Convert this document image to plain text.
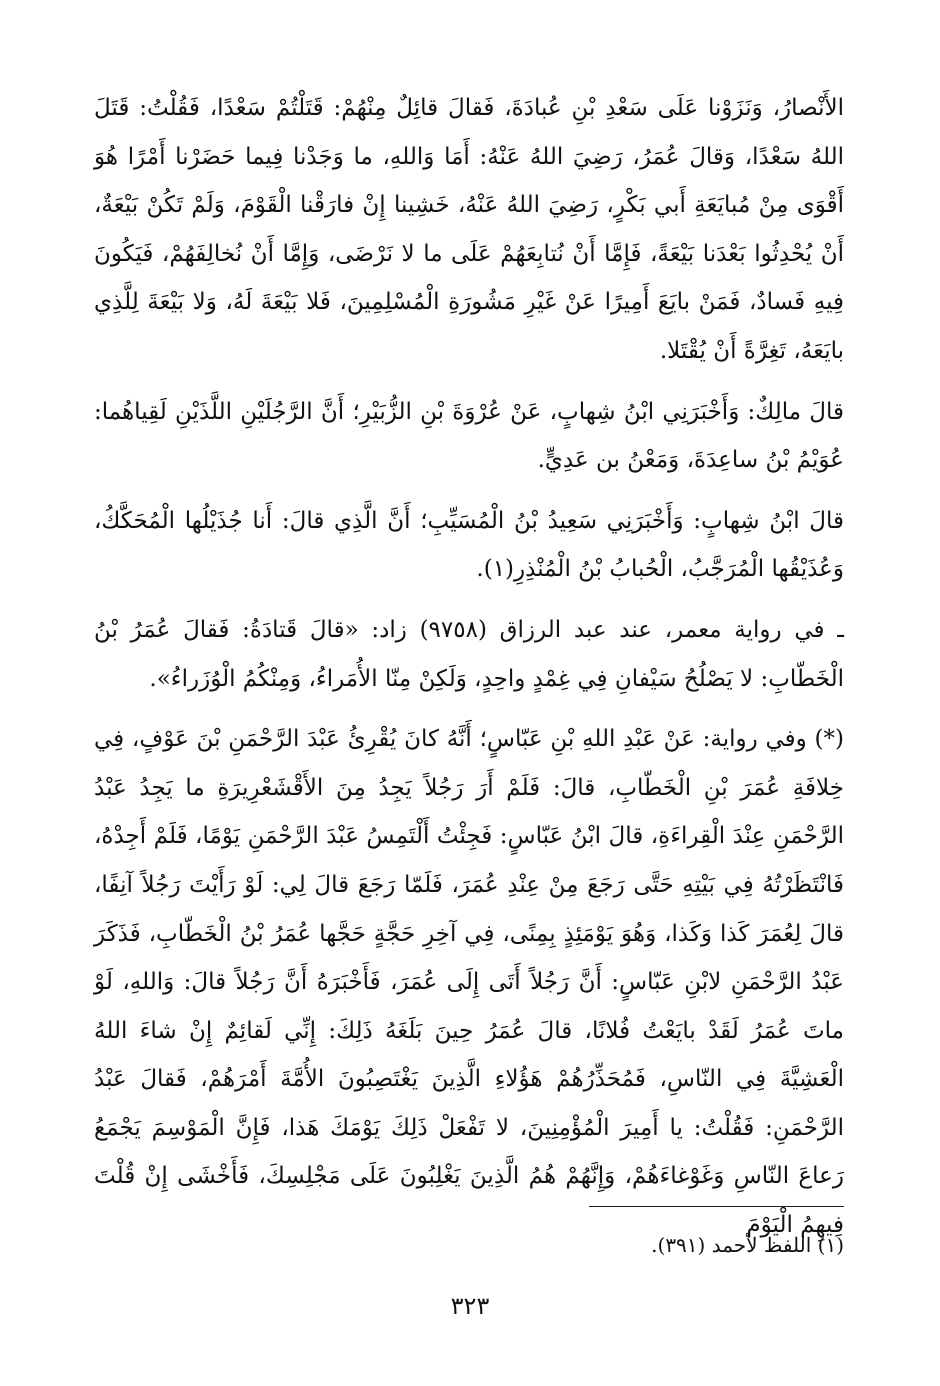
الأَنْصارُ، وَنَزَوْنا عَلَى سَعْدِ بْنِ عُبادَةَ، فَقالَ قائِلٌ مِنْهُمْ: قَتَلْتُمْ سَعْدًا، فَقُلْتُ: قَتَلَ اللهُ سَعْدًا، وَقالَ عُمَرُ، رَضِيَ اللهُ عَنْهُ: أَمَا وَاللهِ، ما وَجَدْنا فِيما حَضَرْنا أَمْرًا هُوَ أَقْوَى مِنْ مُبايَعَةِ أَبي بَكْرٍ، رَضِيَ اللهُ عَنْهُ، خَشِينا إِنْ فارَقْنا الْقَوْمَ، وَلَمْ تَكُنْ بَيْعَةٌ، أَنْ يُحْدِثُوا بَعْدَنا بَيْعَةً، فَإِمَّا أَنْ نُتابِعَهُمْ عَلَى ما لا نَرْضَى، وَإِمَّا أَنْ نُخالِفَهُمْ، فَيَكُونَ فِيهِ فَسادٌ، فَمَنْ بايَعَ أَمِيرًا عَنْ غَيْرِ مَشُورَةِ الْمُسْلِمِينَ، فَلا بَيْعَةَ لَهُ، وَلا بَيْعَةَ لِلَّذِي بايَعَهُ، تَغِرَّةً أَنْ يُقْتَلا.

قالَ مالِكٌ: وَأَخْبَرَنِي ابْنُ شِهابٍ، عَنْ عُرْوَةَ بْنِ الزُّبَيْرِ؛ أَنَّ الرَّجُلَيْنِ اللَّذَيْنِ لَقِياهُما: عُوَيْمُ بْنُ ساعِدَةَ، وَمَعْنُ بن عَدِيٍّ.

قالَ ابْنُ شِهابٍ: وَأَخْبَرَنِي سَعِيدُ بْنُ الْمُسَيِّبِ؛ أَنَّ الَّذِي قالَ: أَنا جُذَيْلُها الْمُحَكَّكُ، وَعُذَيْقُها الْمُرَجَّبُ، الْحُبابُ بْنُ الْمُنْذِرِ(١).

ـ في رواية معمر، عند عبد الرزاق (٩٧٥٨) زاد: «قالَ قَتادَةُ: فَقالَ عُمَرُ بْنُ الْخَطّابِ: لا يَصْلُحُ سَيْفانِ فِي غِمْدٍ واحِدٍ، وَلَكِنْ مِنّا الأُمَراءُ، وَمِنْكُمُ الْوُزَراءُ».

(*) وفي رواية: عَنْ عَبْدِ اللهِ بْنِ عَبّاسٍ؛ أَنَّهُ كانَ يُقْرِئُ عَبْدَ الرَّحْمَنِ بْنَ عَوْفٍ، فِي خِلافَةِ عُمَرَ بْنِ الْخَطّابِ، قالَ: فَلَمْ أَرَ رَجُلاً يَجِدُ مِنَ الأَقْشَعْرِيرَةِ ما يَجِدُ عَبْدُ الرَّحْمَنِ عِنْدَ الْقِراءَةِ، قالَ ابْنُ عَبّاسٍ: فَجِئْتُ أَلْتَمِسُ عَبْدَ الرَّحْمَنِ يَوْمًا، فَلَمْ أَجِدْهُ، فَانْتَظَرْتُهُ فِي بَيْتِهِ حَتَّى رَجَعَ مِنْ عِنْدِ عُمَرَ، فَلَمّا رَجَعَ قالَ لِي: لَوْ رَأَيْتَ رَجُلاً آنِفًا، قالَ لِعُمَرَ كَذا وَكَذا، وَهُوَ يَوْمَئِذٍ بِمِنًى، فِي آخِرِ حَجَّةٍ حَجَّها عُمَرُ بْنُ الْخَطّابِ، فَذَكَرَ عَبْدُ الرَّحْمَنِ لابْنِ عَبّاسٍ: أَنَّ رَجُلاً أَتَى إِلَى عُمَرَ، فَأَخْبَرَهُ أَنَّ رَجُلاً قالَ: وَاللهِ، لَوْ ماتَ عُمَرُ لَقَدْ بايَعْتُ فُلانًا، قالَ عُمَرُ حِينَ بَلَغَهُ ذَلِكَ: إِنِّي لَقائِمٌ إِنْ شاءَ اللهُ الْعَشِيَّةَ فِي النّاسِ، فَمُحَذِّرُهُمْ هَؤُلاءِ الَّذِينَ يَغْتَصِبُونَ الأُمَّةَ أَمْرَهُمْ، فَقالَ عَبْدُ الرَّحْمَنِ: فَقُلْتُ: يا أَمِيرَ الْمُؤْمِنِينَ، لا تَفْعَلْ ذَلِكَ يَوْمَكَ هَذا، فَإِنَّ الْمَوْسِمَ يَجْمَعُ رَعاعَ النّاسِ وَغَوْغاءَهُمْ، وَإِنَّهُمْ هُمُ الَّذِينَ يَغْلِبُونَ عَلَى مَجْلِسِكَ، فَأَخْشَى إِنْ قُلْتَ فِيهِمُ الْيَوْمَ

(١) اللفظ لأحمد (٣٩١).

٣٢٣
